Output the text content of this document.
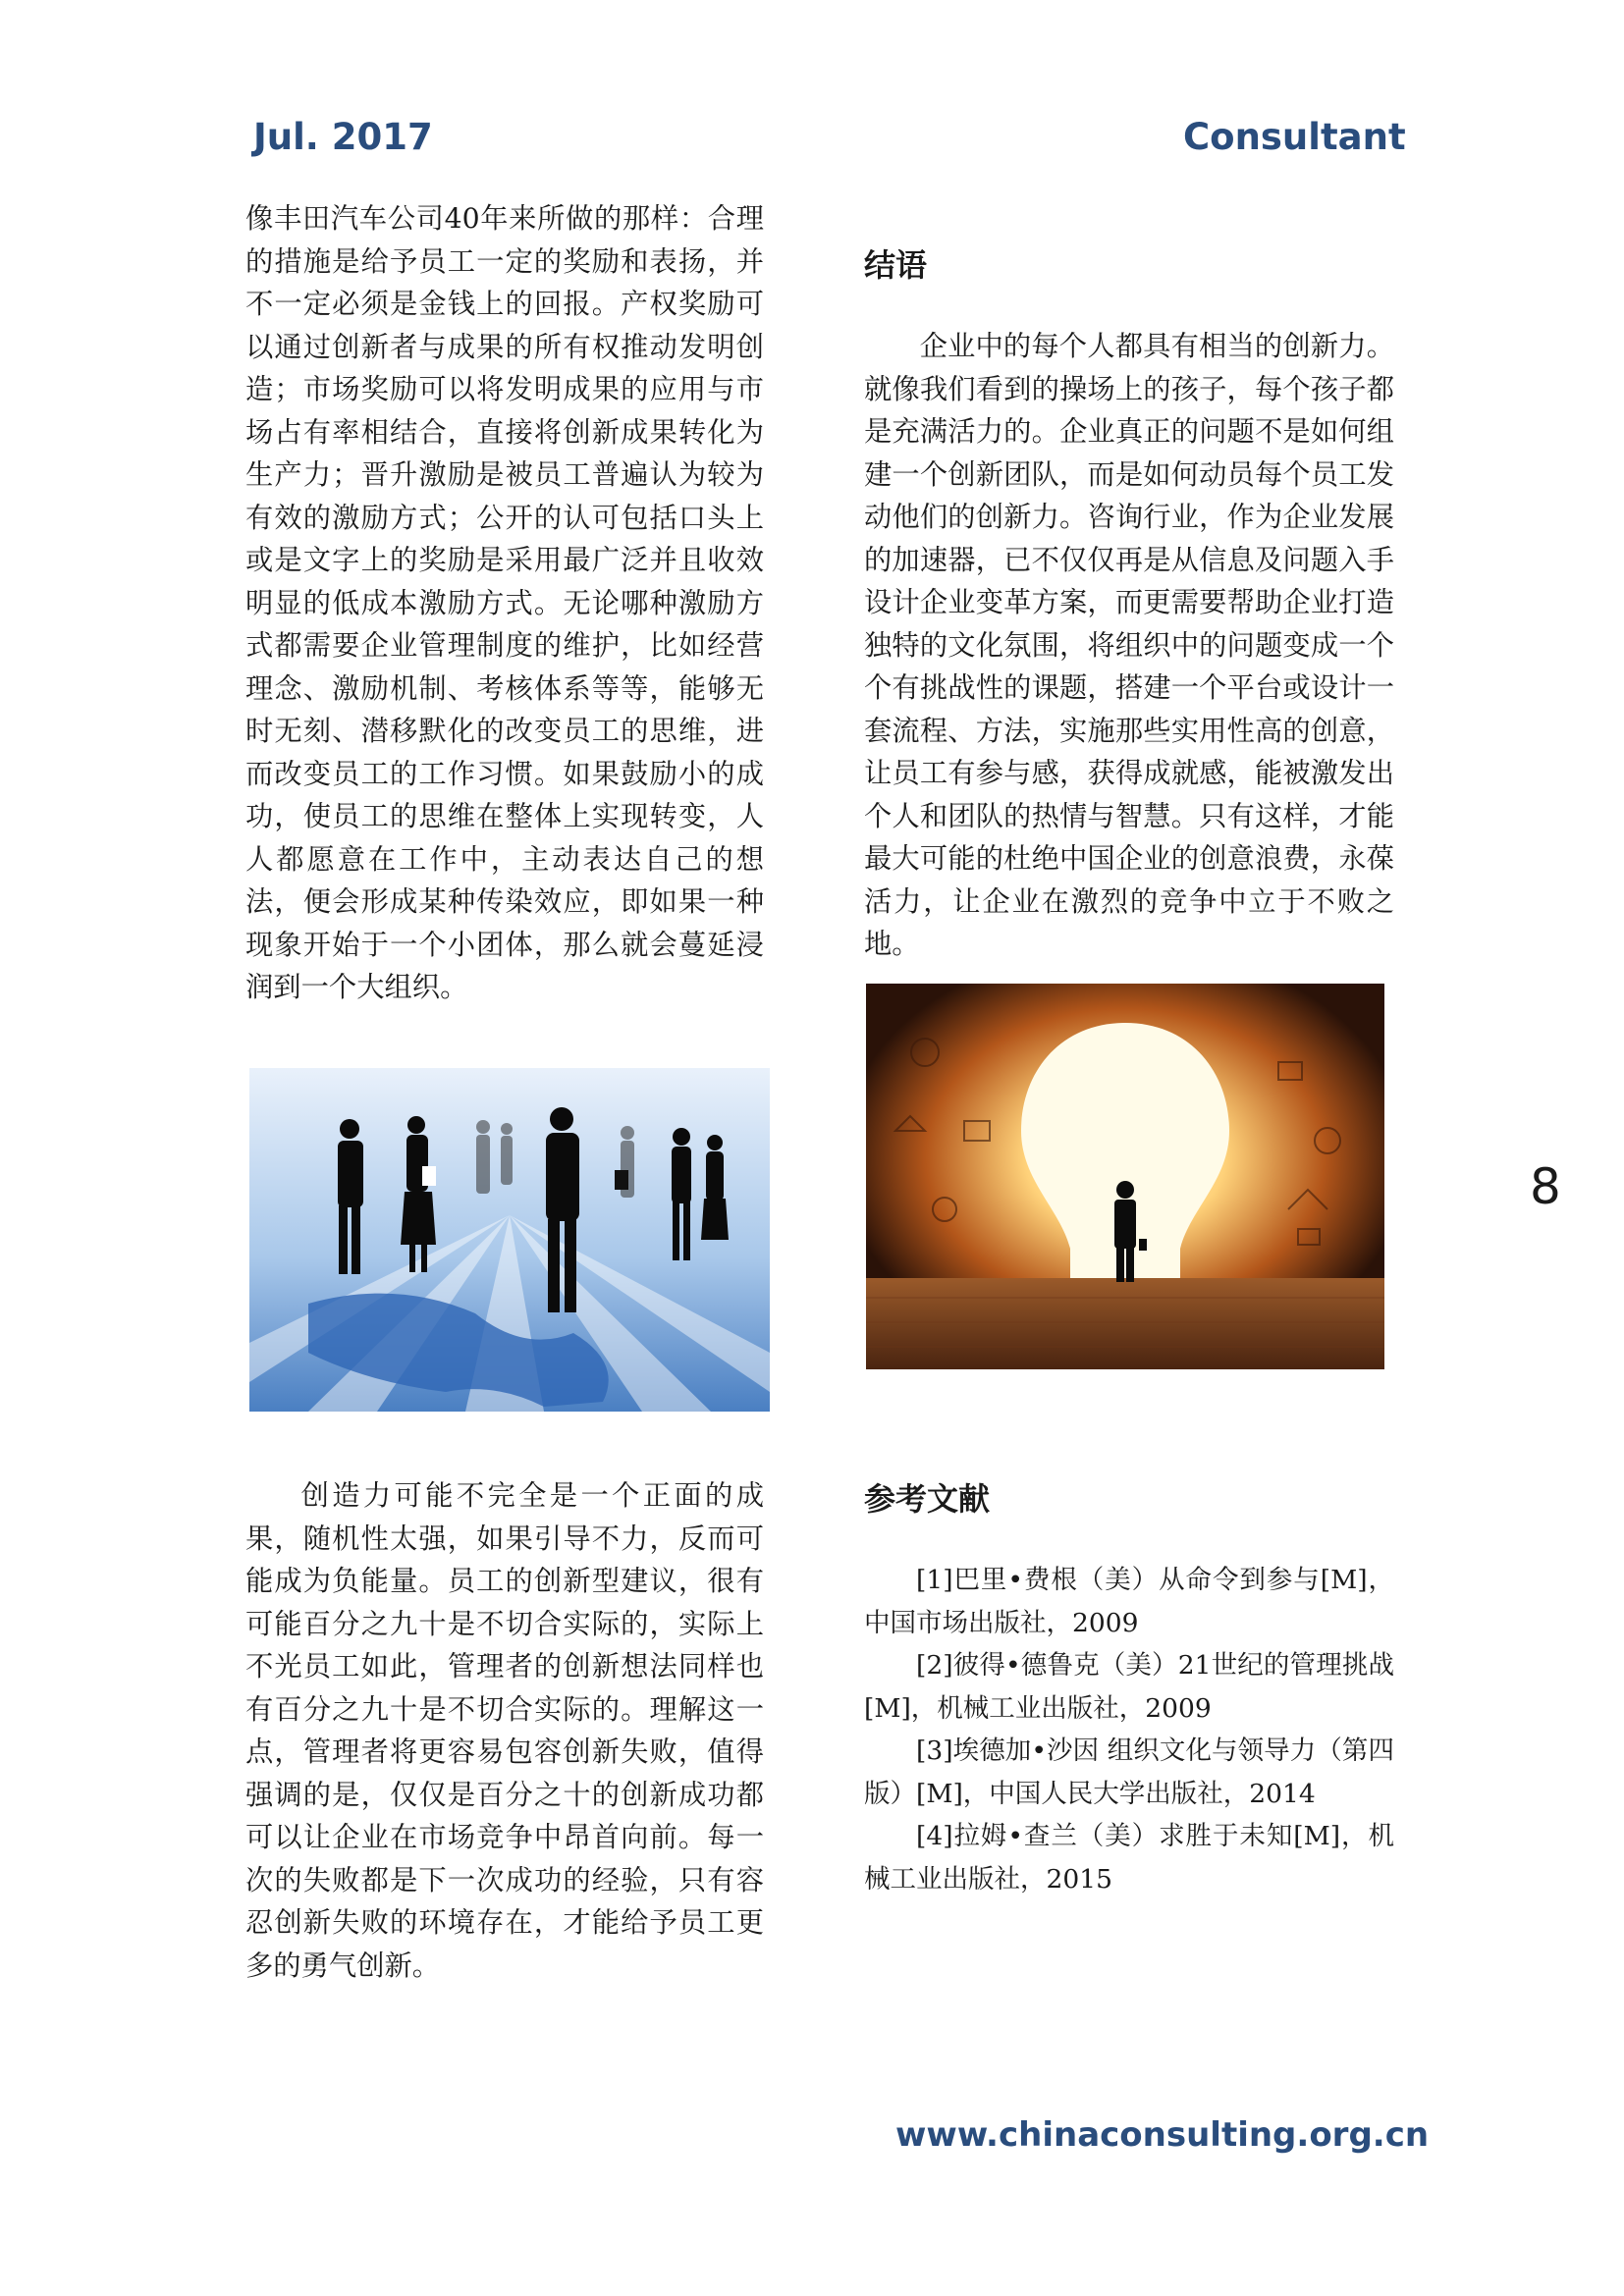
Jul. 2017	Consultant

像丰田汽车公司40年来所做的那样：合理的措施是给予员工一定的奖励和表扬，并不一定必须是金钱上的回报。产权奖励可以通过创新者与成果的所有权推动发明创造；市场奖励可以将发明成果的应用与市场占有率相结合，直接将创新成果转化为生产力；晋升激励是被员工普遍认为较为有效的激励方式；公开的认可包括口头上或是文字上的奖励是采用最广泛并且收效明显的低成本激励方式。无论哪种激励方式都需要企业管理制度的维护，比如经营理念、激励机制、考核体系等等，能够无时无刻、潜移默化的改变员工的思维，进而改变员工的工作习惯。如果鼓励小的成功，使员工的思维在整体上实现转变，人人都愿意在工作中，主动表达自己的想法，便会形成某种传染效应，即如果一种现象开始于一个小团体，那么就会蔓延浸润到一个大组织。

创造力可能不完全是一个正面的成果，随机性太强，如果引导不力，反而可能成为负能量。员工的创新型建议，很有可能百分之九十是不切合实际的，实际上不光员工如此，管理者的创新想法同样也有百分之九十是不切合实际的。理解这一点，管理者将更容易包容创新失败，值得强调的是，仅仅是百分之十的创新成功都可以让企业在市场竞争中昂首向前。每一次的失败都是下一次成功的经验，只有容忍创新失败的环境存在，才能给予员工更多的勇气创新。

结语

企业中的每个人都具有相当的创新力。就像我们看到的操场上的孩子，每个孩子都是充满活力的。企业真正的问题不是如何组建一个创新团队，而是如何动员每个员工发动他们的创新力。咨询行业，作为企业发展的加速器，已不仅仅再是从信息及问题入手设计企业变革方案，而更需要帮助企业打造独特的文化氛围，将组织中的问题变成一个个有挑战性的课题，搭建一个平台或设计一套流程、方法，实施那些实用性高的创意，让员工有参与感，获得成就感，能被激发出个人和团队的热情与智慧。只有这样，才能最大可能的杜绝中国企业的创意浪费，永葆活力，让企业在激烈的竞争中立于不败之地。

参考文献

[1]巴里•费根（美）从命令到参与[M]，中国市场出版社，2009

[2]彼得•德鲁克（美）21世纪的管理挑战[M]，机械工业出版社，2009

[3]埃德加•沙因 组织文化与领导力（第四版）[M]，中国人民大学出版社，2014

[4]拉姆•查兰（美）求胜于未知[M]，机械工业出版社，2015

8
www.chinaconsulting.org.cn
